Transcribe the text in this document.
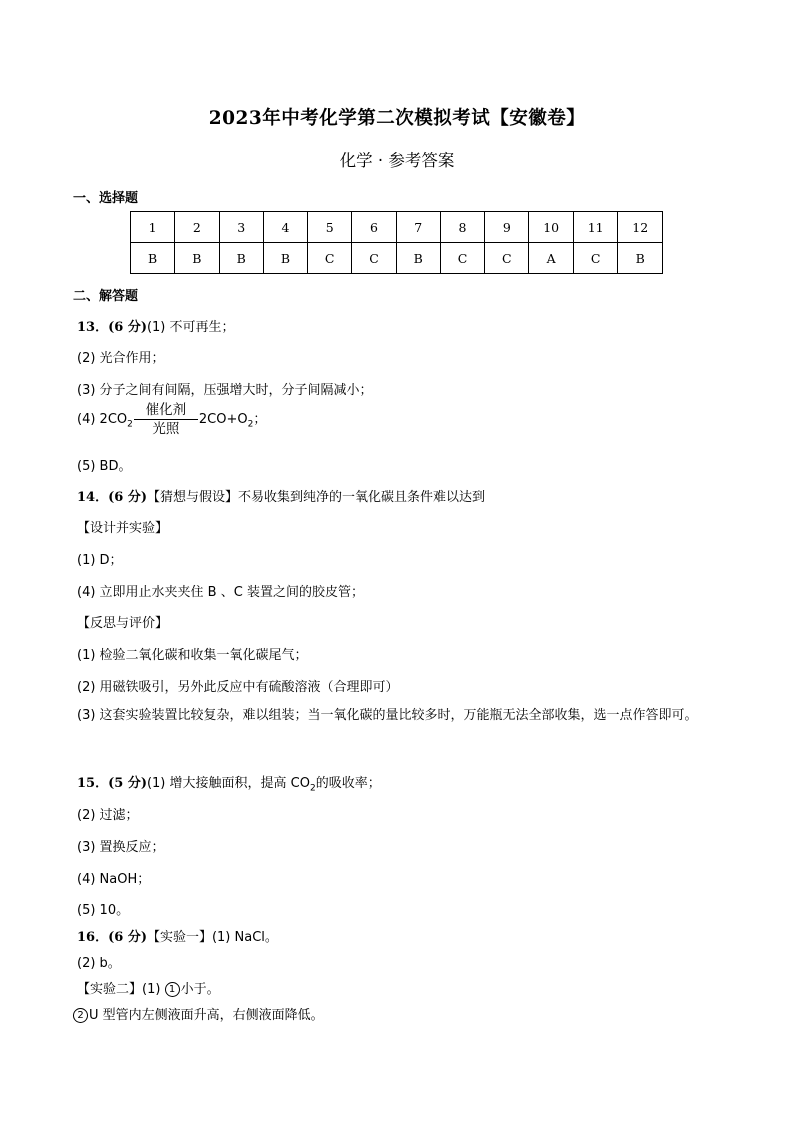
2023年中考化学第二次模拟考试【安徽卷】
化学 · 参考答案
一、选择题
1	2	3	4	5	6	7	8	9	10	11	12
B	B	B	B	C	C	B	C	C	A	C	B
二、解答题
13．(6 分)(1) 不可再生；
(2) 光合作用；
(3) 分子之间有间隔，压强增大时，分子间隔减小；
(4) $2CO_2 \frac{\text{催化剂}}{\text{光照}} 2CO+O_2$；
(5) BD。
14．(6 分)【猜想与假设】不易收集到纯净的一氧化碳且条件难以达到
【设计并实验】
(1) D；
(4) 立即用止水夹夹住 B 、C 装置之间的胶皮管；
【反思与评价】
(1) 检验二氧化碳和收集一氧化碳尾气；
(2) 用磁铁吸引，另外此反应中有硫酸溶液（合理即可）
(3) 这套实验装置比较复杂，难以组装；当一氧化碳的量比较多时，万能瓶无法全部收集，选一点作答即可。
15．(5 分)(1) 增大接触面积，提高 $CO_2$的吸收率；
(2) 过滤；
(3) 置换反应；
(4) NaOH；
(5) 10。
16．(6 分)【实验一】(1) NaCl。
(2) b。
【实验二】(1) 1 小于。
2 U 型管内左侧液面升高，右侧液面降低。
